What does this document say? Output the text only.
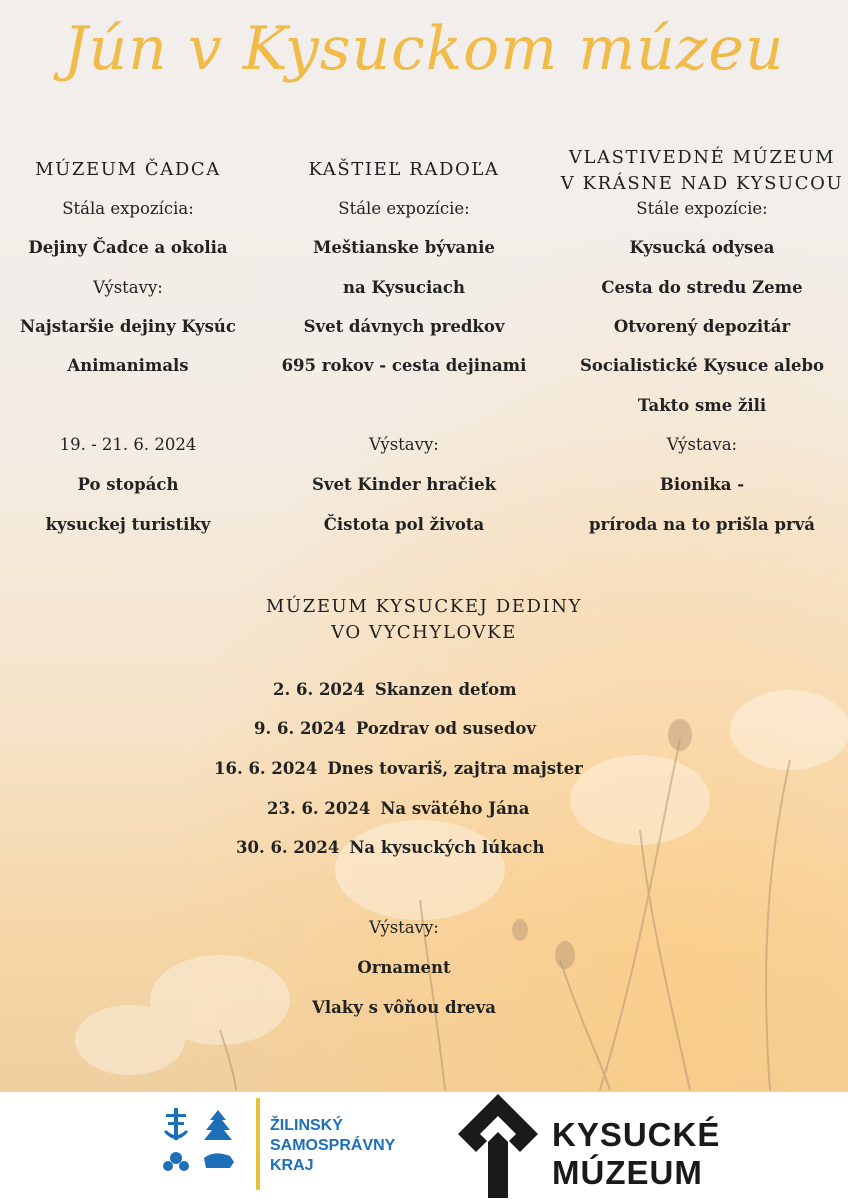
Jún v Kysuckom múzeu
MÚZEUM ČADCA
Stála expozícia:
Dejiny Čadce a okolia
Výstavy:
Najstaršie dejiny Kysúc
Animanimals
19. - 21. 6. 2024
Po stopách
kysuckej turistiky
KAŠTIEĽ RADOĽA
Stále expozície:
Meštianske bývanie
na Kysuciach
Svet dávnych predkov
695 rokov - cesta dejinami
Výstavy:
Svet Kinder hračiek
Čistota pol života
VLASTIVEDNÉ MÚZEUM
V KRÁSNE NAD KYSUCOU
Stále expozície:
Kysucká odysea
Cesta do stredu Zeme
Otvorený depozitár
Socialistické Kysuce alebo
Takto sme žili
Výstava:
Bionika -
príroda na to prišla prvá
MÚZEUM KYSUCKEJ DEDINY
VO VYCHYLOVKE
2. 6. 2024 Skanzen deťom
9. 6. 2024 Pozdrav od susedov
16. 6. 2024 Dnes tovariš, zajtra majster
23. 6. 2024 Na svätého Jána
30. 6. 2024 Na kysuckých lúkach
Výstavy:
Ornament
Vlaky s vôňou dreva
ŽILINSKÝ
SAMOSPRÁVNY
KRAJ
KYSUCKÉ
MÚZEUM
